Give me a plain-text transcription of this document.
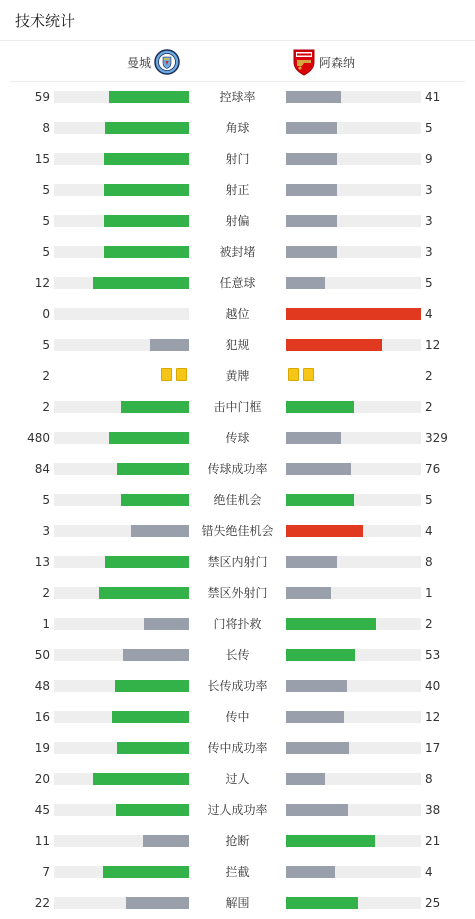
技术统计
曼城	阿森纳
59	控球率	41
8	角球	5
15	射门	9
5	射正	3
5	射偏	3
5	被封堵	3
12	任意球	5
0	越位	4
5	犯规	12
2	黄牌	2
2	击中门框	2
480	传球	329
84	传球成功率	76
5	绝佳机会	5
3	错失绝佳机会	4
13	禁区内射门	8
2	禁区外射门	1
1	门将扑救	2
50	长传	53
48	长传成功率	40
16	传中	12
19	传中成功率	17
20	过人	8
45	过人成功率	38
11	抢断	21
7	拦截	4
22	解围	25
